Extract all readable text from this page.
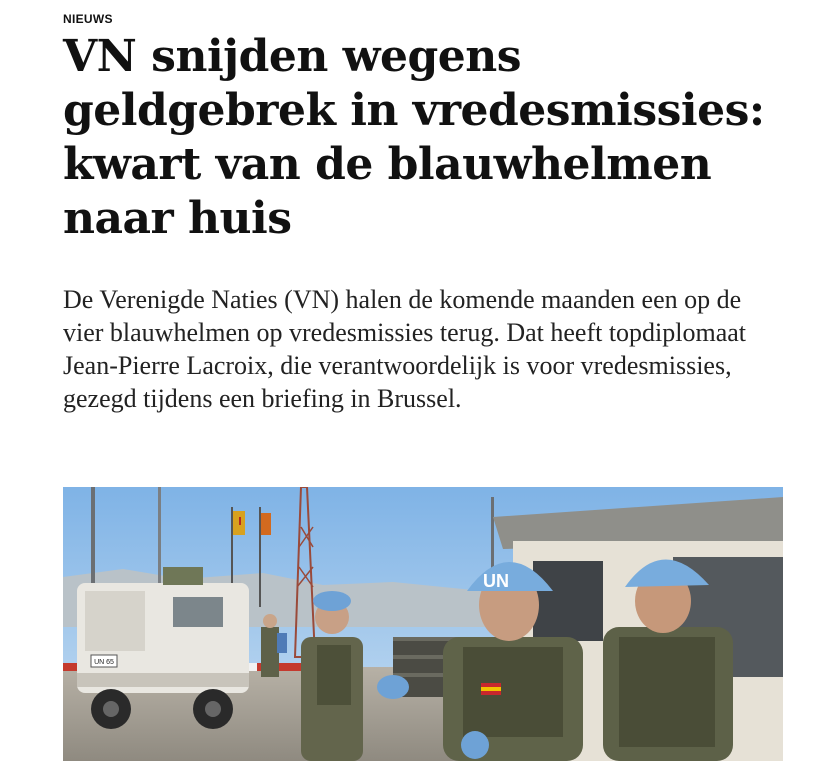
NIEUWS

VN snijden wegens geldgebrek in vredesmissies: kwart van de blauwhelmen naar huis

De Verenigde Naties (VN) halen de komende maanden een op de vier blauwhelmen op vredesmissies terug. Dat heeft topdiplomaat Jean-Pierre Lacroix, die verantwoordelijk is voor vredesmissies, gezegd tijdens een briefing in Brussel.

UN 65
UN
